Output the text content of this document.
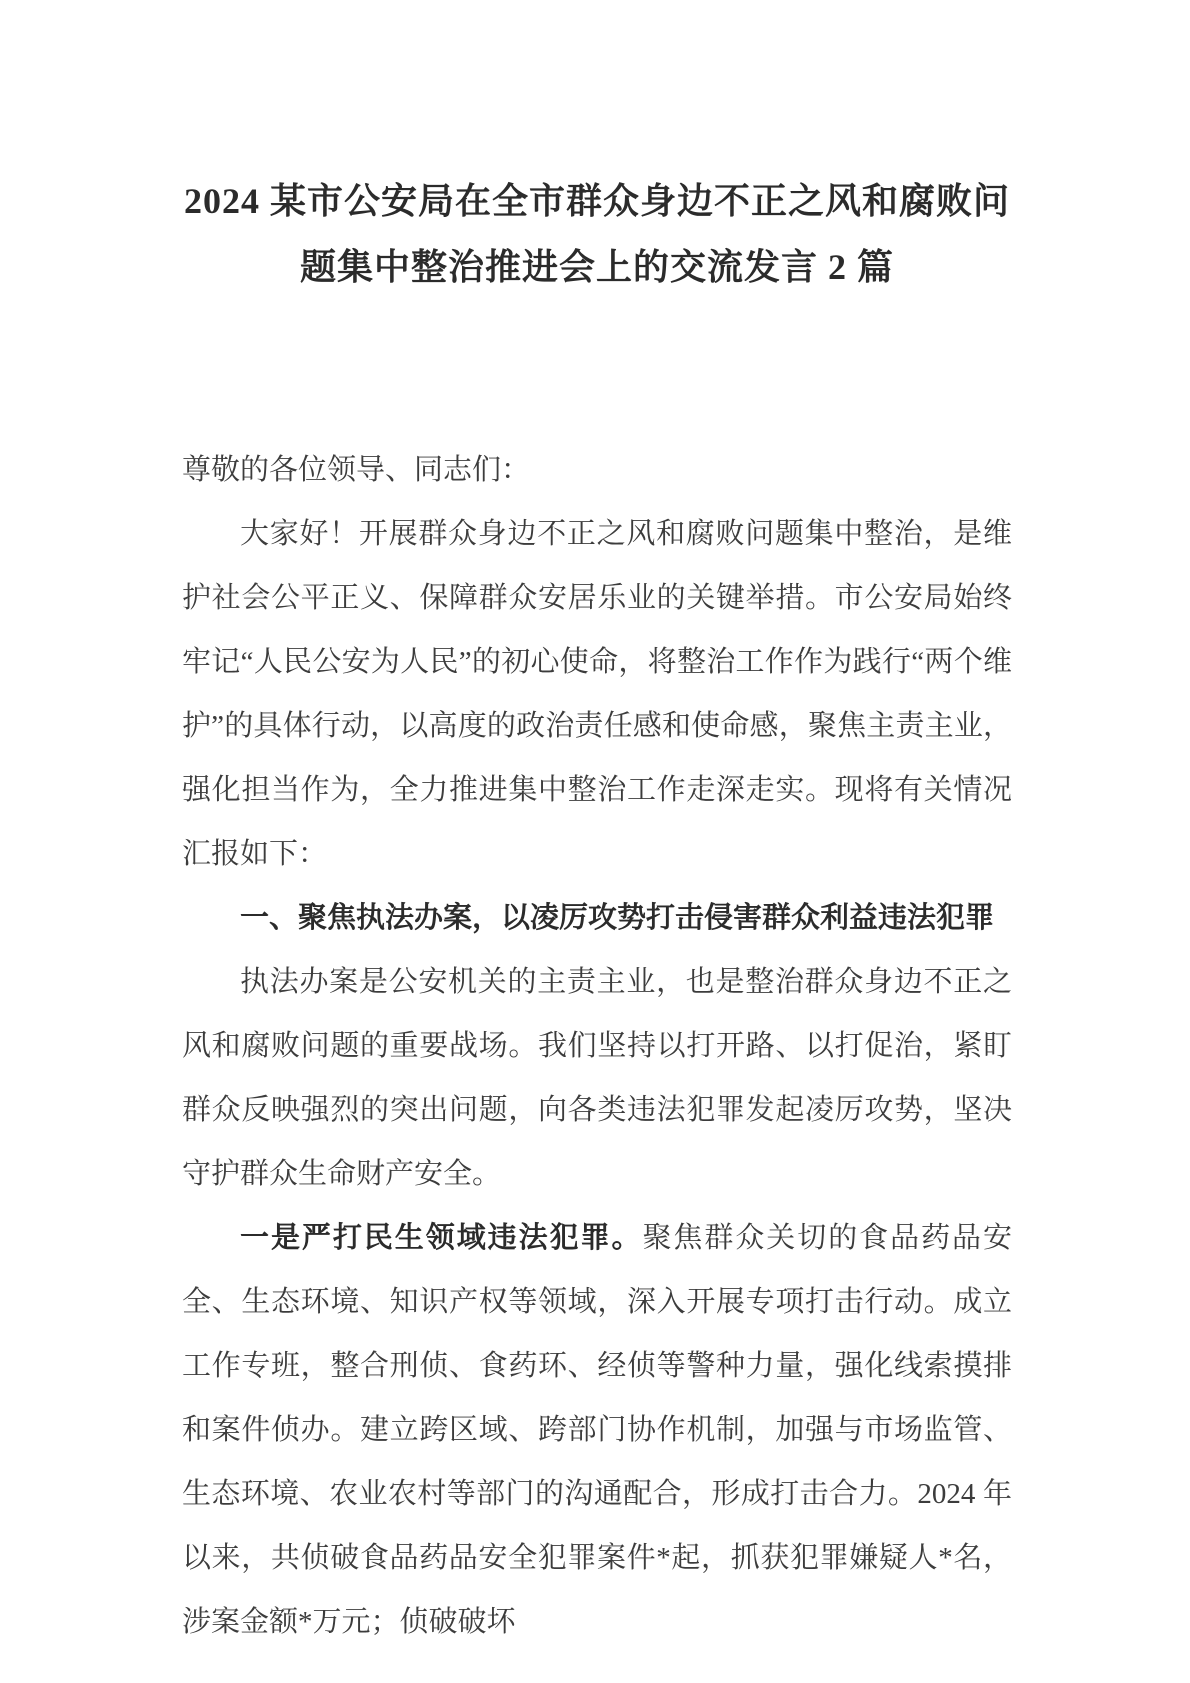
2024 某市公安局在全市群众身边不正之风和腐败问题集中整治推进会上的交流发言 2 篇

尊敬的各位领导、同志们：

大家好！开展群众身边不正之风和腐败问题集中整治，是维护社会公平正义、保障群众安居乐业的关键举措。市公安局始终牢记“人民公安为人民”的初心使命，将整治工作作为践行“两个维护”的具体行动，以高度的政治责任感和使命感，聚焦主责主业，强化担当作为，全力推进集中整治工作走深走实。现将有关情况汇报如下：

一、聚焦执法办案，以凌厉攻势打击侵害群众利益违法犯罪

执法办案是公安机关的主责主业，也是整治群众身边不正之风和腐败问题的重要战场。我们坚持以打开路、以打促治，紧盯群众反映强烈的突出问题，向各类违法犯罪发起凌厉攻势，坚决守护群众生命财产安全。

一是严打民生领域违法犯罪。聚焦群众关切的食品药品安全、生态环境、知识产权等领域，深入开展专项打击行动。成立工作专班，整合刑侦、食药环、经侦等警种力量，强化线索摸排和案件侦办。建立跨区域、跨部门协作机制，加强与市场监管、生态环境、农业农村等部门的沟通配合，形成打击合力。2024 年以来，共侦破食品药品安全犯罪案件*起，抓获犯罪嫌疑人*名，涉案金额*万元；侦破破坏
